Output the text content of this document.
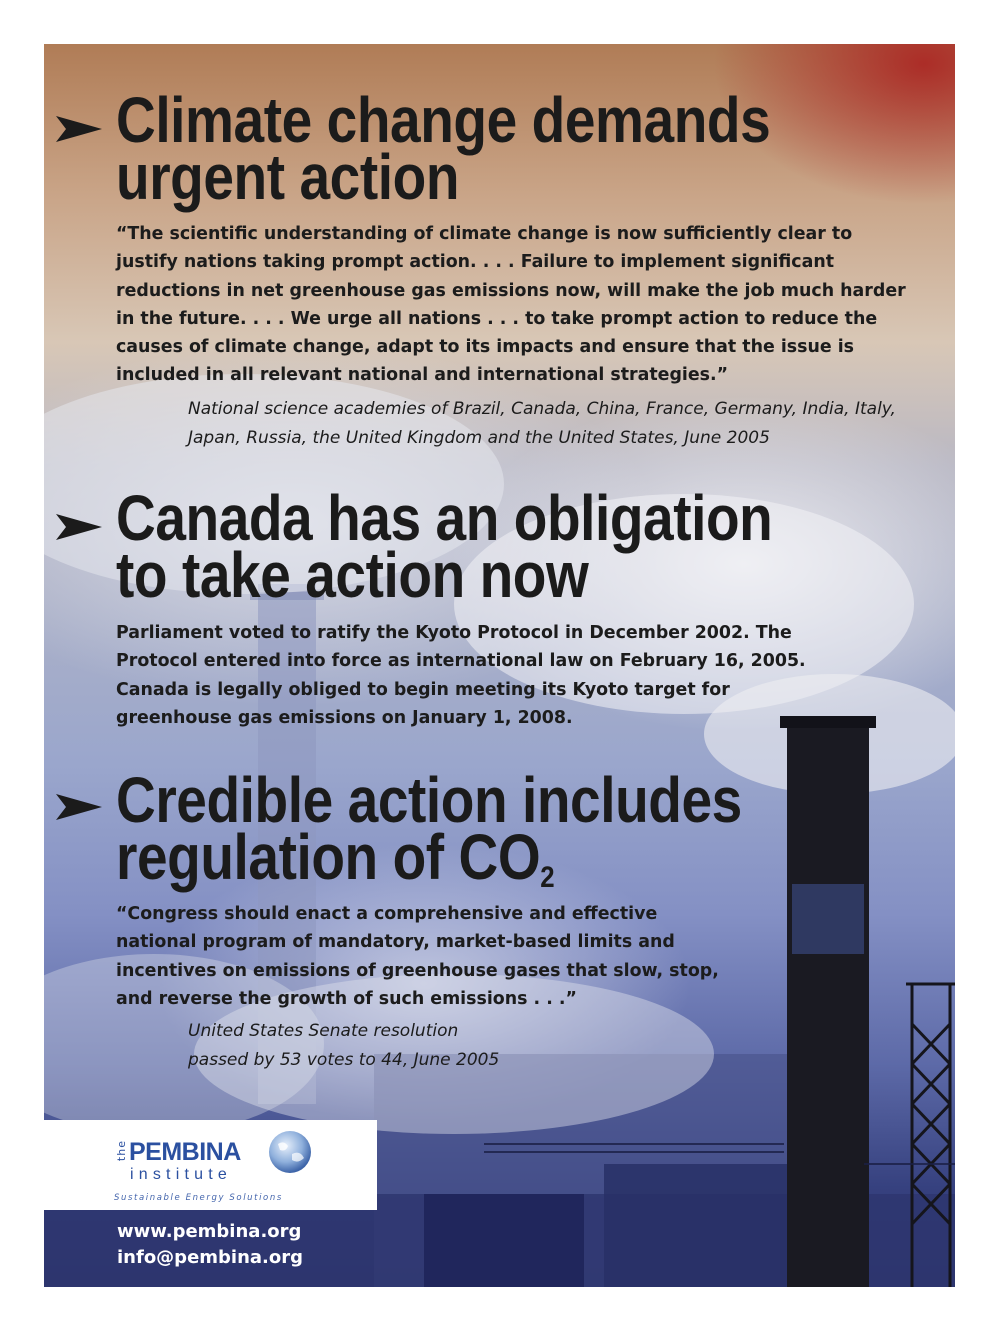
Climate change demands
urgent action

“The scientific understanding of climate change is now sufficiently clear to justify nations taking prompt action. . . . Failure to implement significant reductions in net greenhouse gas emissions now, will make the job much harder in the future. . . . We urge all nations . . . to take prompt action to reduce the causes of climate change, adapt to its impacts and ensure that the issue is included in all relevant national and international strategies.”

National science academies of Brazil, Canada, China, France, Germany, India, Italy, Japan, Russia, the United Kingdom and the United States, June 2005

Canada has an obligation
to take action now

Parliament voted to ratify the Kyoto Protocol in December 2002. The Protocol entered into force as international law on February 16, 2005. Canada is legally obliged to begin meeting its Kyoto target for greenhouse gas emissions on January 1, 2008.

Credible action includes
regulation of $CO_2$

“Congress should enact a comprehensive and effective national program of mandatory, market-based limits and incentives on emissions of greenhouse gases that slow, stop, and reverse the growth of such emissions . . .”

United States Senate resolution
passed by 53 votes to 44, June 2005

the PEMBINA
institute
Sustainable Energy Solutions

www.pembina.org

info@pembina.org
